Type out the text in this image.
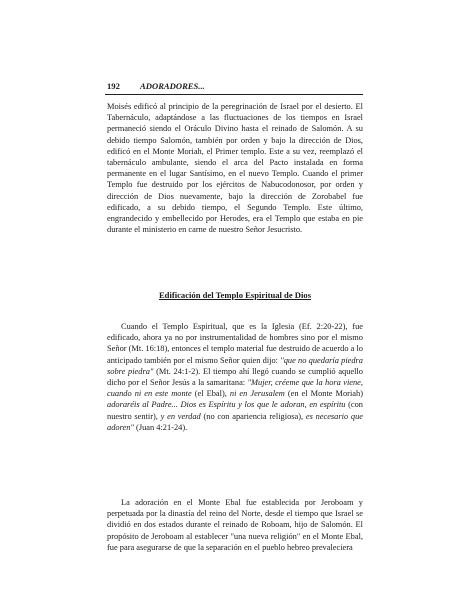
192 ADORADORES...

Moisés edificó al principio de la peregrinación de Israel por el desierto. El Tabernáculo, adaptándose a las fluctuaciones de los tiempos en Israel permaneció siendo el Oráculo Divino hasta el reinado de Salomón. A su debido tiempo Salomón, también por orden y bajo la dirección de Dios, edificó en el Monte Moriah, el Primer templo. Este a su vez, reemplazó el tabernáculo ambulante, siendo el arca del Pacto instalada en forma permanente en el lugar Santísimo, en el nuevo Templo. Cuando el primer Templo fue destruido por los ejércitos de Nabucodonosor, por orden y dirección de Dios nuevamente, bajo la dirección de Zorobabel fue edificado, a su debido tiempo, el Segundo Templo. Este último, engrandecido y embellecido por Herodes, era el Templo que estaba en pie durante el ministerio en carne de nuestro Señor Jesucristo.

Edificación del Templo Espiritual de Dios

Cuando el Templo Espiritual, que es la Iglesia (Ef. 2:20-22), fue edificado, ahora ya no por instrumentalidad de hombres sino por el mismo Señor (Mt. 16:18), entonces el templo material fue destruido de acuerdo a lo anticipado también por el mismo Señor quien dijo: "que no quedaría piedra sobre piedra" (Mt. 24:1-2). El tiempo ahí llegó cuando se cumplió aquello dicho por el Señor Jesús a la samaritana: "Mujer, créeme que la hora viene, cuando ni en este monte (el Ebal), ni en Jerusalem (en el Monte Moriah) adoraréis al Padre... Dios es Espíritu y los que le adoran, en espíritu (con nuestro sentir), y en verdad (no con apariencia religiosa), es necesario que adoren" (Juan 4:21-24).

La adoración en el Monte Ebal fue establecida por Jeroboam y perpetuada por la dinastía del reino del Norte, desde el tiempo que Israel se dividió en dos estados durante el reinado de Roboam, hijo de Salomón. El propósito de Jeroboam al establecer "una nueva religión" en el Monte Ebal, fue para asegurarse de que la separación en el pueblo hebreo prevaleciera
